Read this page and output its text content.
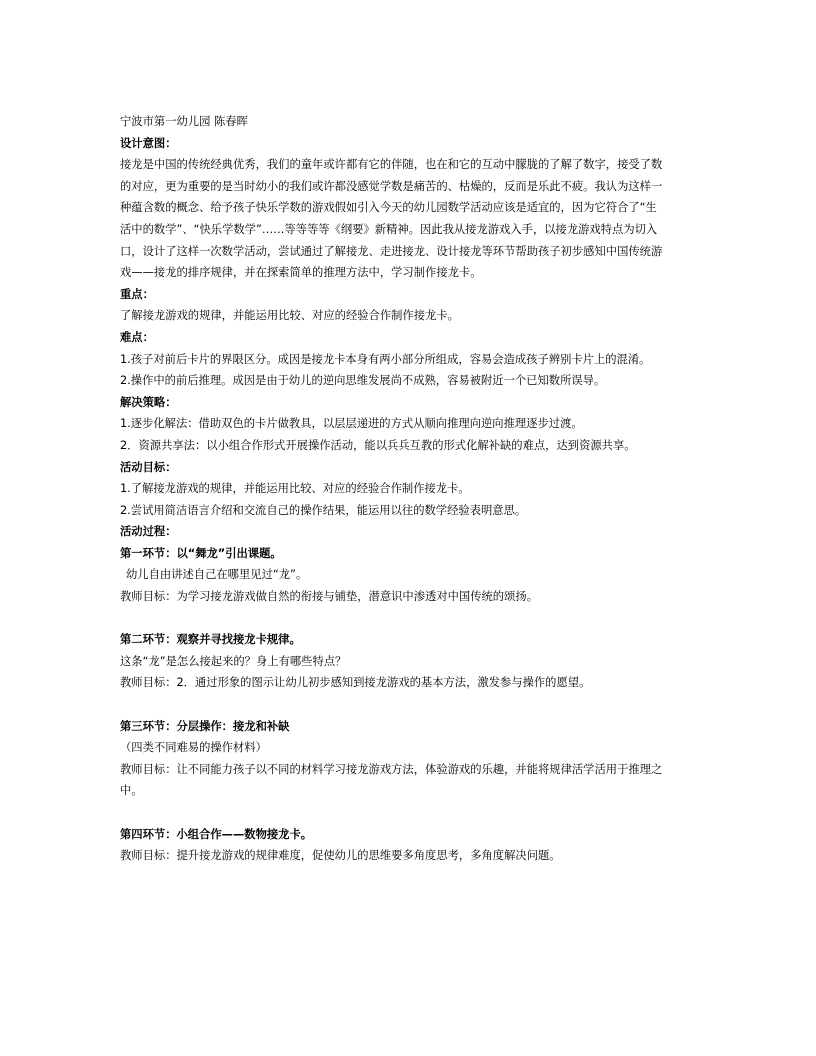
宁波市第一幼儿园 陈春晖
设计意图：
接龙是中国的传统经典优秀，我们的童年或许都有它的伴随，也在和它的互动中朦胧的了解了数字，接受了数
的对应，更为重要的是当时幼小的我们或许都没感觉学数是痛苦的、枯燥的，反而是乐此不疲。我认为这样一
种蕴含数的概念、给予孩子快乐学数的游戏假如引入今天的幼儿园数学活动应该是适宜的，因为它符合了“生
活中的数学”、“快乐学数学”……等等等等《纲要》新精神。因此我从接龙游戏入手，以接龙游戏特点为切入
口，设计了这样一次数学活动，尝试通过了解接龙、走进接龙、设计接龙等环节帮助孩子初步感知中国传统游
戏——接龙的排序规律，并在探索简单的推理方法中，学习制作接龙卡。
重点：
了解接龙游戏的规律，并能运用比较、对应的经验合作制作接龙卡。
难点：
1.孩子对前后卡片的界限区分。成因是接龙卡本身有两小部分所组成，容易会造成孩子辨别卡片上的混淆。
2.操作中的前后推理。成因是由于幼儿的逆向思维发展尚不成熟，容易被附近一个已知数所误导。
解决策略：
1.逐步化解法：借助双色的卡片做教具，以层层递进的方式从顺向推理向逆向推理逐步过渡。
2．资源共享法：以小组合作形式开展操作活动，能以兵兵互教的形式化解补缺的难点，达到资源共享。
活动目标：
1.了解接龙游戏的规律，并能运用比较、对应的经验合作制作接龙卡。
2.尝试用简洁语言介绍和交流自己的操作结果，能运用以往的数学经验表明意思。
活动过程：
第一环节：以“舞龙”引出课题。
幼儿自由讲述自己在哪里见过“龙”。
教师目标：为学习接龙游戏做自然的衔接与铺垫，潜意识中渗透对中国传统的颂扬。
第二环节：观察并寻找接龙卡规律。
这条“龙”是怎么接起来的？身上有哪些特点？
教师目标：2．通过形象的图示让幼儿初步感知到接龙游戏的基本方法，激发参与操作的愿望。
第三环节：分层操作：接龙和补缺
（四类不同难易的操作材料）
教师目标：让不同能力孩子以不同的材料学习接龙游戏方法，体验游戏的乐趣，并能将规律活学活用于推理之
中。
第四环节：小组合作——数物接龙卡。
教师目标：提升接龙游戏的规律难度，促使幼儿的思维要多角度思考，多角度解决问题。
